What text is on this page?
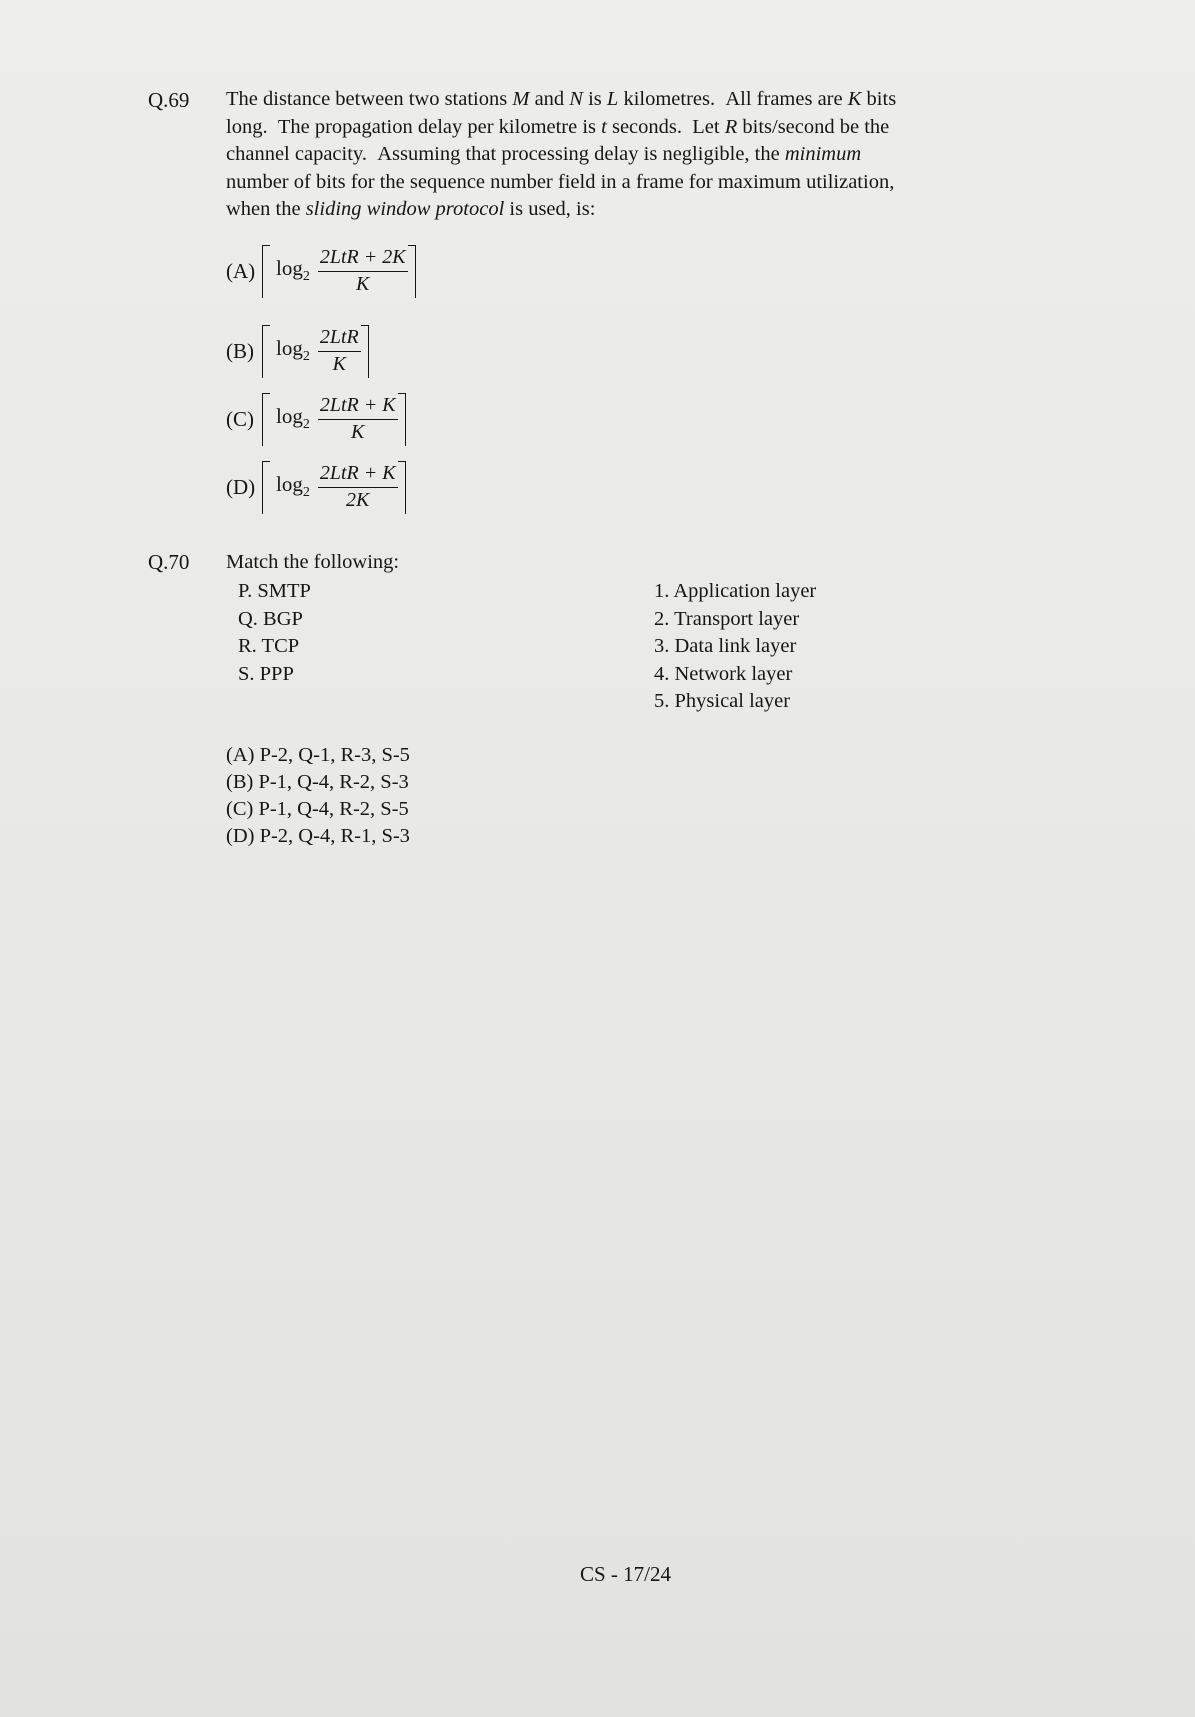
Q.69 The distance between two stations M and N is L kilometres.  All frames are K bits
long.  The propagation delay per kilometre is t seconds.  Let R bits/second be the
channel capacity.  Assuming that processing delay is negligible, the minimum
number of bits for the sequence number field in a frame for maximum utilization,
when the sliding window protocol is used, is:
(A) $\log_2 \frac{\text{2LtR + 2K}}{K}$
(B)	$\log_2 \frac{\text{2LtR}}{K}$
(C)	$\log_2 \frac{\text{2LtR + K}}{K}$
(D) $\log_2 \frac{\text{2LtR + K}}{2K}$
Q.70 Match the following:
P. SMTP
Q. BGP
R. TCP
S. PPP
1. Application layer
2. Transport layer
3. Data link layer
4. Network layer
5. Physical layer
(A) P-2, Q-1, R-3, S-5
(B) P-1, Q-4, R-2, S-3
(C) P-1, Q-4, R-2, S-5
(D) P-2, Q-4, R-1, S-3
CS - 17/24
